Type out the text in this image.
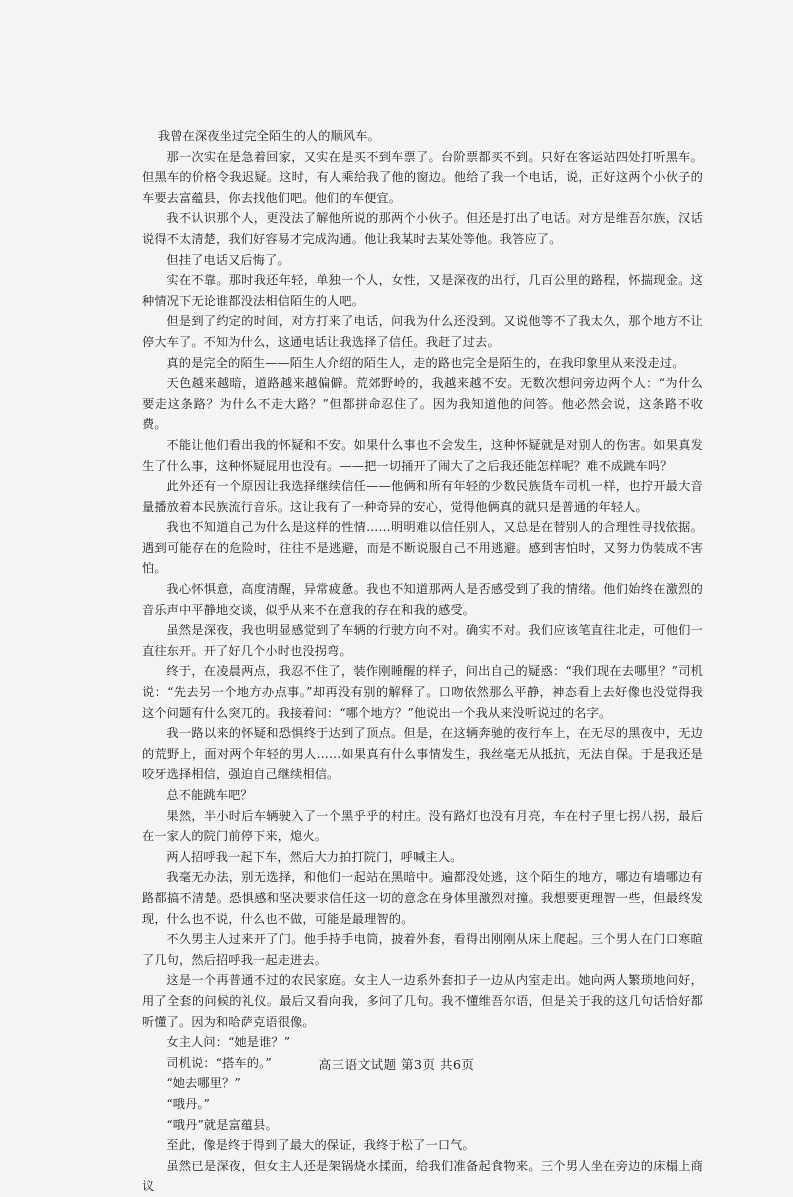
我曾在深夜坐过完全陌生的人的顺风车。

那一次实在是急着回家，又实在是买不到车票了。台阶票都买不到。只好在客运站四处打听黑车。但黑车的价格令我迟疑。这时，有人乘给我了他的窗边。他给了我一个电话，说，正好这两个小伙子的车要去富蕴县，你去找他们吧。他们的车便宜。

我不认识那个人，更没法了解他所说的那两个小伙子。但还是打出了电话。对方是维吾尔族，汉话说得不太清楚，我们好容易才完成沟通。他让我某时去某处等他。我答应了。

但挂了电话又后悔了。

实在不靠。那时我还年轻，单独一个人，女性，又是深夜的出行，几百公里的路程，怀揣现金。这种情况下无论谁都没法相信陌生的人吧。

但是到了约定的时间，对方打来了电话，问我为什么还没到。又说他等不了我太久，那个地方不让停大车了。不知为什么，这通电话让我选择了信任。我赶了过去。

真的是完全的陌生——陌生人介绍的陌生人，走的路也完全是陌生的，在我印象里从来没走过。

天色越来越暗，道路越来越偏僻。荒郊野岭的，我越来越不安。无数次想问旁边两个人：“为什么要走这条路？为什么不走大路？”但都拼命忍住了。因为我知道他的问答。他必然会说，这条路不收费。

不能让他们看出我的怀疑和不安。如果什么事也不会发生，这种怀疑就是对别人的伤害。如果真发生了什么事，这种怀疑屁用也没有。——把一切捅开了闹大了之后我还能怎样呢？难不成跳车吗？

此外还有一个原因让我选择继续信任——他俩和所有年轻的少数民族货车司机一样，也拧开最大音量播放着本民族流行音乐。这让我有了一种奇异的安心，觉得他俩真的就只是普通的年轻人。

我也不知道自己为什么是这样的性情……明明难以信任别人，又总是在替别人的合理性寻找依据。遇到可能存在的危险时，往往不是逃避，而是不断说服自己不用逃避。感到害怕时，又努力伪装成不害怕。

我心怀惧意，高度清醒，异常疲惫。我也不知道那两人是否感受到了我的情绪。他们始终在激烈的音乐声中平静地交谈，似乎从来不在意我的存在和我的感受。

虽然是深夜，我也明显感觉到了车辆的行驶方向不对。确实不对。我们应该笔直往北走，可他们一直往东开。开了好几个小时也没拐弯。

终于，在凌晨两点，我忍不住了，装作刚睡醒的样子，问出自己的疑惑：“我们现在去哪里？”司机说：“先去另一个地方办点事。”却再没有别的解释了。口吻依然那么平静，神态看上去好像也没觉得我这个问题有什么突兀的。我接着问：“哪个地方？”他说出一个我从来没听说过的名字。

我一路以来的怀疑和恐惧终于达到了顶点。但是，在这辆奔驰的夜行车上，在无尽的黑夜中，无边的荒野上，面对两个年轻的男人……如果真有什么事情发生，我丝毫无从抵抗，无法自保。于是我还是咬牙选择相信，强迫自己继续相信。

总不能跳车吧？

果然，半小时后车辆驶入了一个黑乎乎的村庄。没有路灯也没有月亮，车在村子里七拐八拐，最后在一家人的院门前停下来，熄火。

两人招呼我一起下车，然后大力拍打院门，呼喊主人。

我毫无办法，别无选择，和他们一起站在黑暗中。遍都没处逃，这个陌生的地方，哪边有墙哪边有路都搞不清楚。恐惧感和坚决要求信任这一切的意念在身体里激烈对撞。我想要更理智一些，但最终发现，什么也不说，什么也不做，可能是最理智的。

不久男主人过来开了门。他手持手电筒，披着外套，看得出刚刚从床上爬起。三个男人在门口寒暄了几句，然后招呼我一起走进去。

这是一个再普通不过的农民家庭。女主人一边系外套扣子一边从内室走出。她向两人繁琐地问好，用了全套的问候的礼仪。最后又看向我，多问了几句。我不懂维吾尔语，但是关于我的这几句话恰好都听懂了。因为和哈萨克语很像。

女主人问：“她是谁？”

司机说：“搭车的。”

“她去哪里？”

“哦丹。”

“哦丹”就是富蕴县。

至此，像是终于得到了最大的保证，我终于松了一口气。

虽然已是深夜，但女主人还是架锅烧水揉面，给我们准备起食物来。三个男人坐在旁边的床榻上商议

高三语文试题 第3页 共6页
